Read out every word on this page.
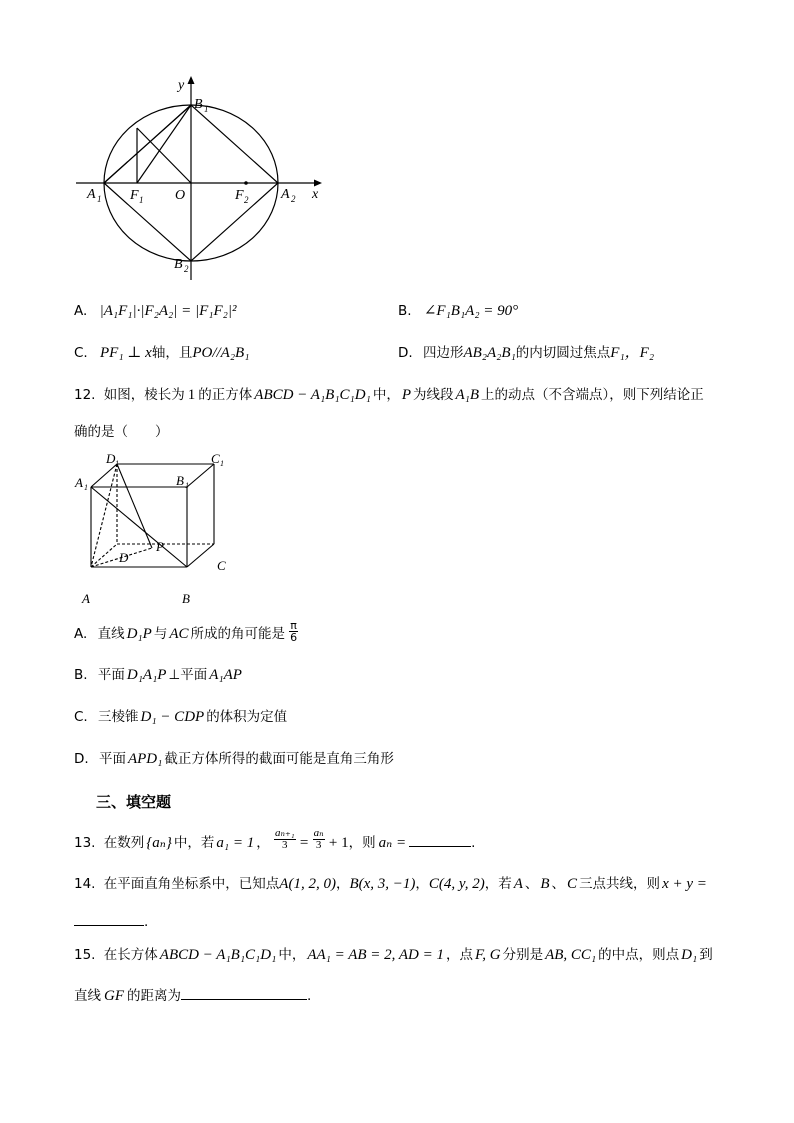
y
B 1
A 1 F 1 O	F 2 A 2 x
B 2
A. |A₁F₁|·|F₂A₂| = |F₁F₂|²	B. ∠F₁B₁A₂ = 90°
C. PF₁ ⊥ x轴，且PO//A₂B₁	D. 四边形AB₂A₂B₁的内切圆过焦点F₁，F₂
12. 如图，棱长为 1 的正方体 ABCD − A₁B₁C₁D₁ 中， P 为线段 A₁B 上的动点（不含端点），则下列结论正
确的是（　　）
D 1	C 1
A 1	B 1
P
D
C
A	B
A. 直线 D₁P 与 AC 所成的角可能是 $\frac{\pi}{6}$
B. 平面 D₁A₁P ⊥平面 A₁AP
C. 三棱锥 D₁ − CDP 的体积为定值
D. 平面 APD₁ 截正方体所得的截面可能是直角三角形
三、填空题
13. 在数列 {aₙ} 中，若 a₁ = 1 ， $\frac{\text{aₙ₊₁}}{3} = \frac{\text{aₙ}}{3} + 1$，则 aₙ =	.
14. 在平面直角坐标系中，已知点A(1, 2, 0)，B(x, 3, −1)，C(4, y, 2)，若 A 、 B 、 C 三点共线，则 x + y =
.
15. 在长方体 ABCD − A₁B₁C₁D₁ 中， AA₁ = AB = 2, AD = 1 ，点 F, G 分别是 AB, CC₁ 的中点，则点 D₁ 到
直线 GF 的距离为	.
